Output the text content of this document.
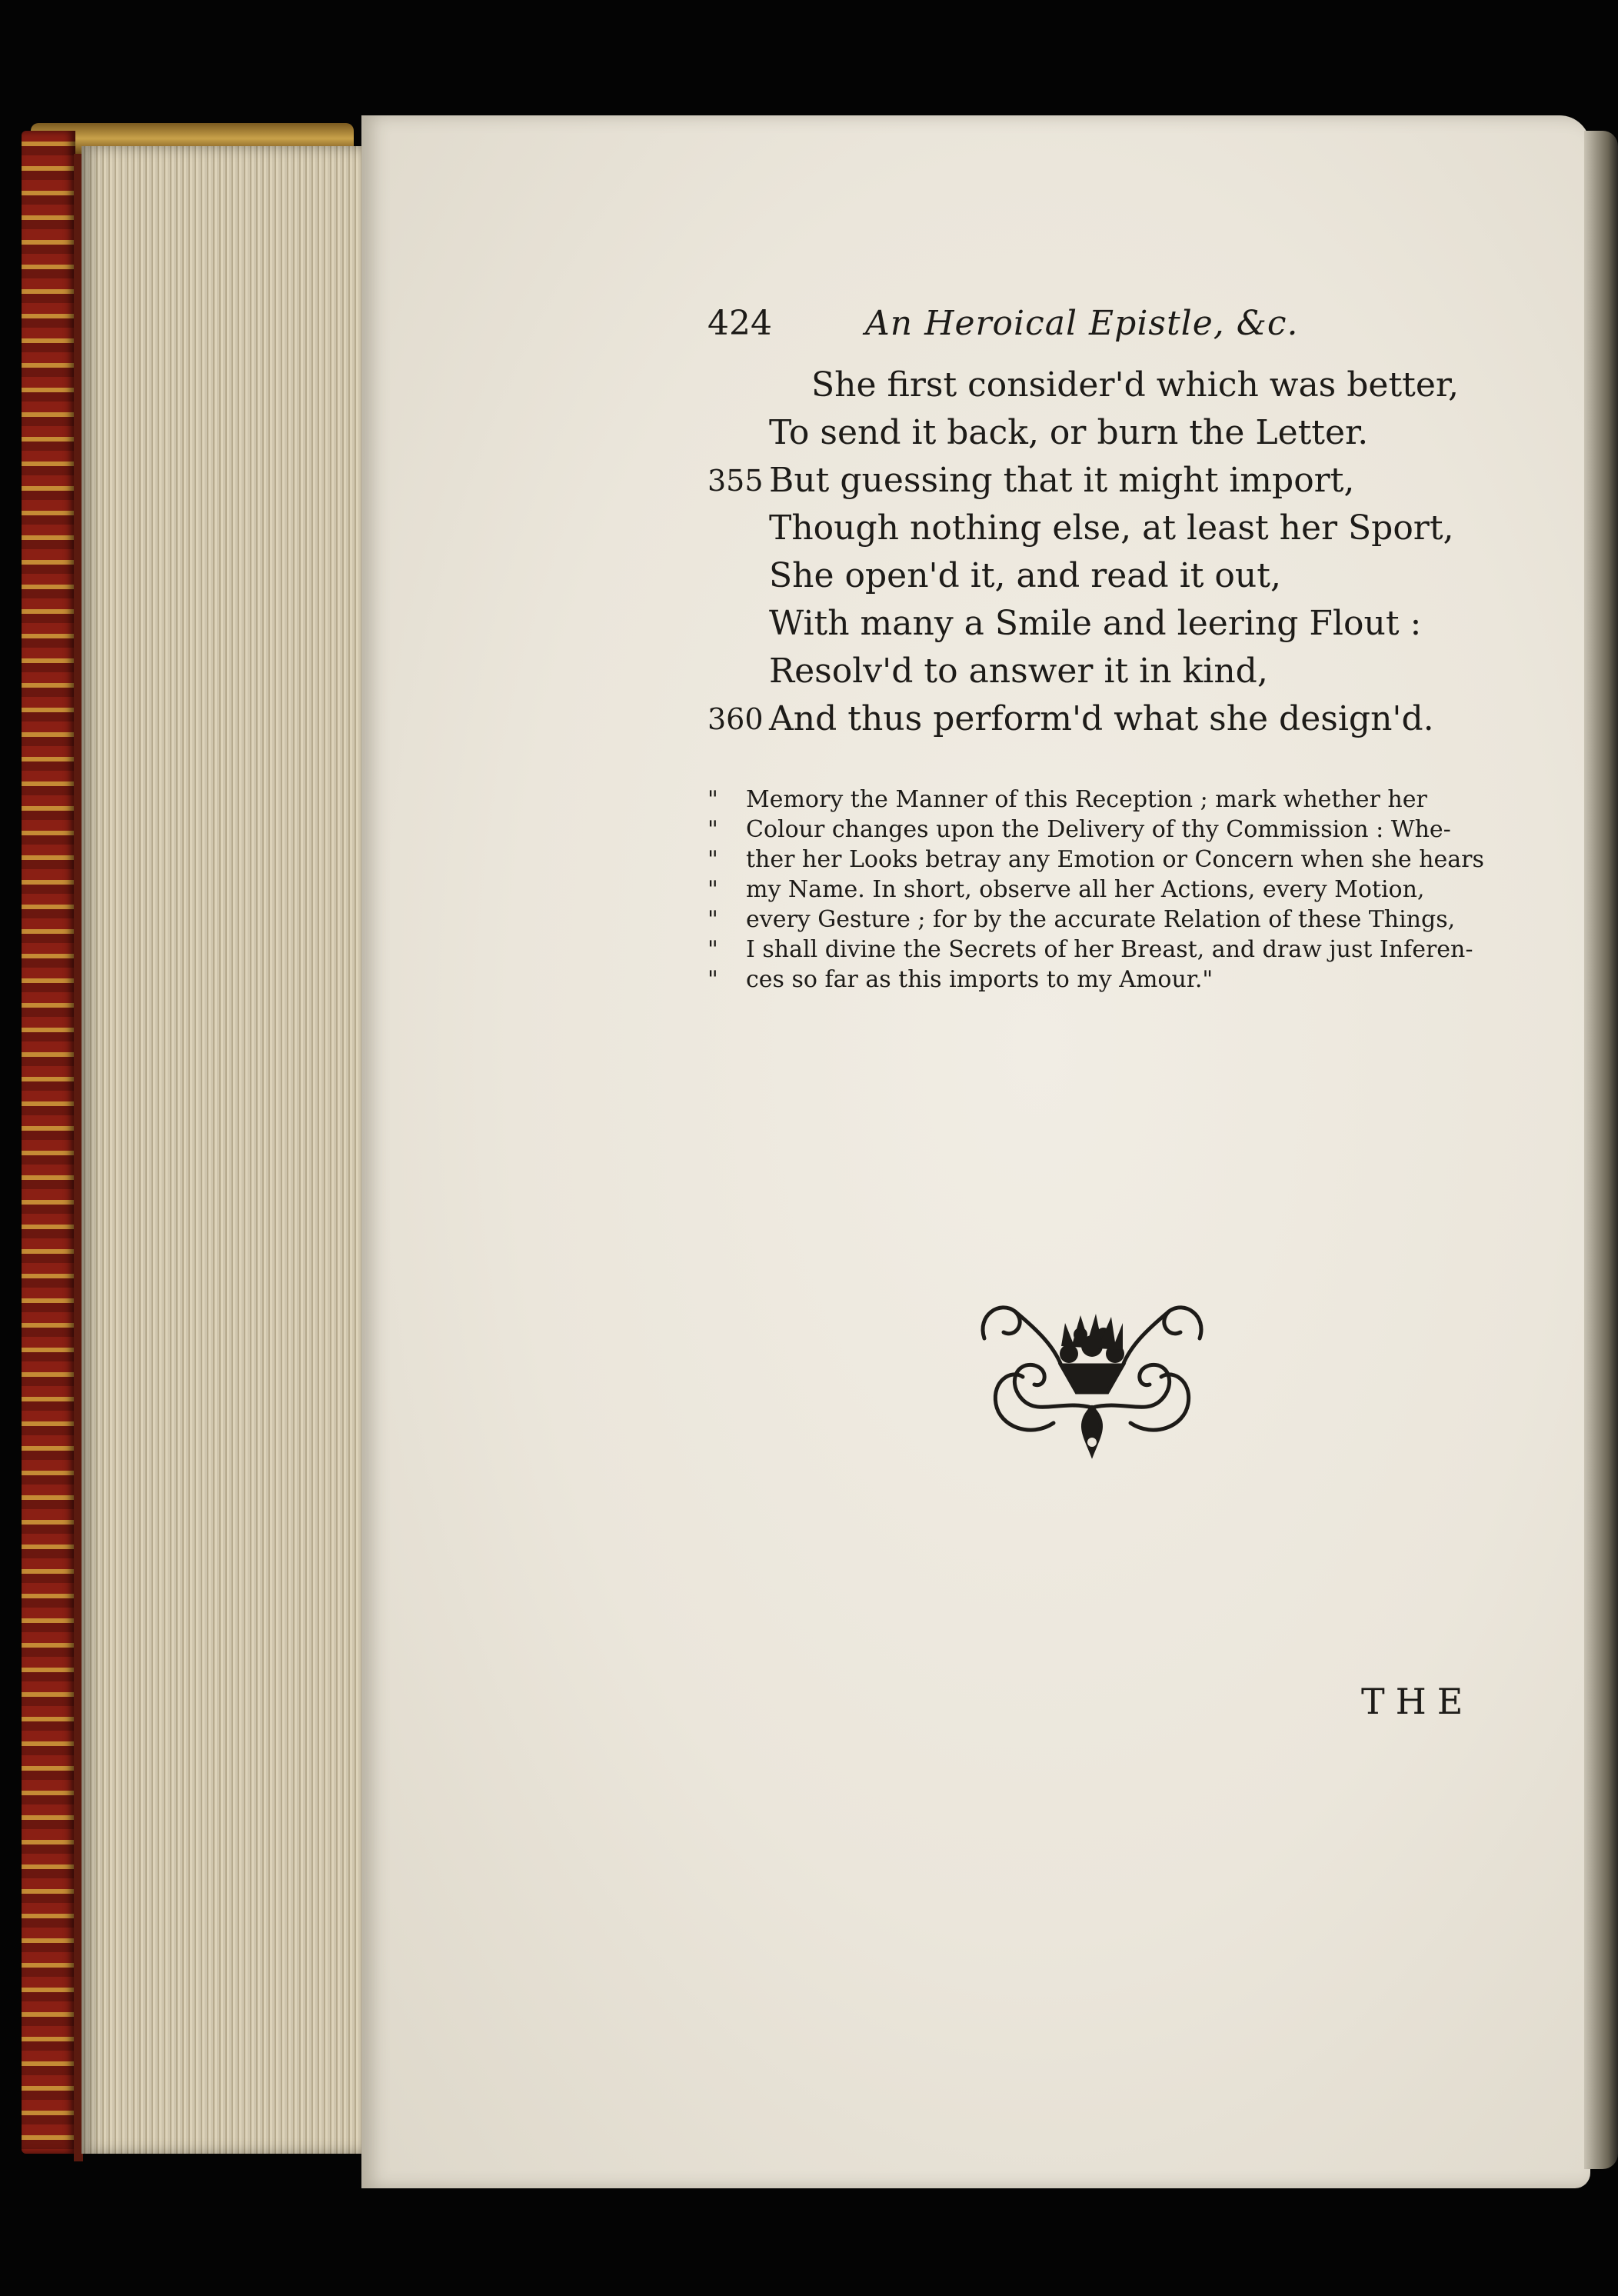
424	An Heroical Epistle, &c.
She first consider'd which was better,
To send it back, or burn the Letter.
355 But guessing that it might import,
Though nothing else, at least her Sport,
She open'd it, and read it out,
With many a Smile and leering Flout :
Resolv'd to answer it in kind,
360 And thus perform'd what she design'd.
"	Memory the Manner of this Reception ; mark whether her
"	Colour changes upon the Delivery of thy Commission : Whe-
"	ther her Looks betray any Emotion or Concern when she hears
"	my Name. In short, observe all her Actions, every Motion,
"	every Gesture ; for by the accurate Relation of these Things,
"	I shall divine the Secrets of her Breast, and draw just Inferen-
"	ces so far as this imports to my Amour."
THE
